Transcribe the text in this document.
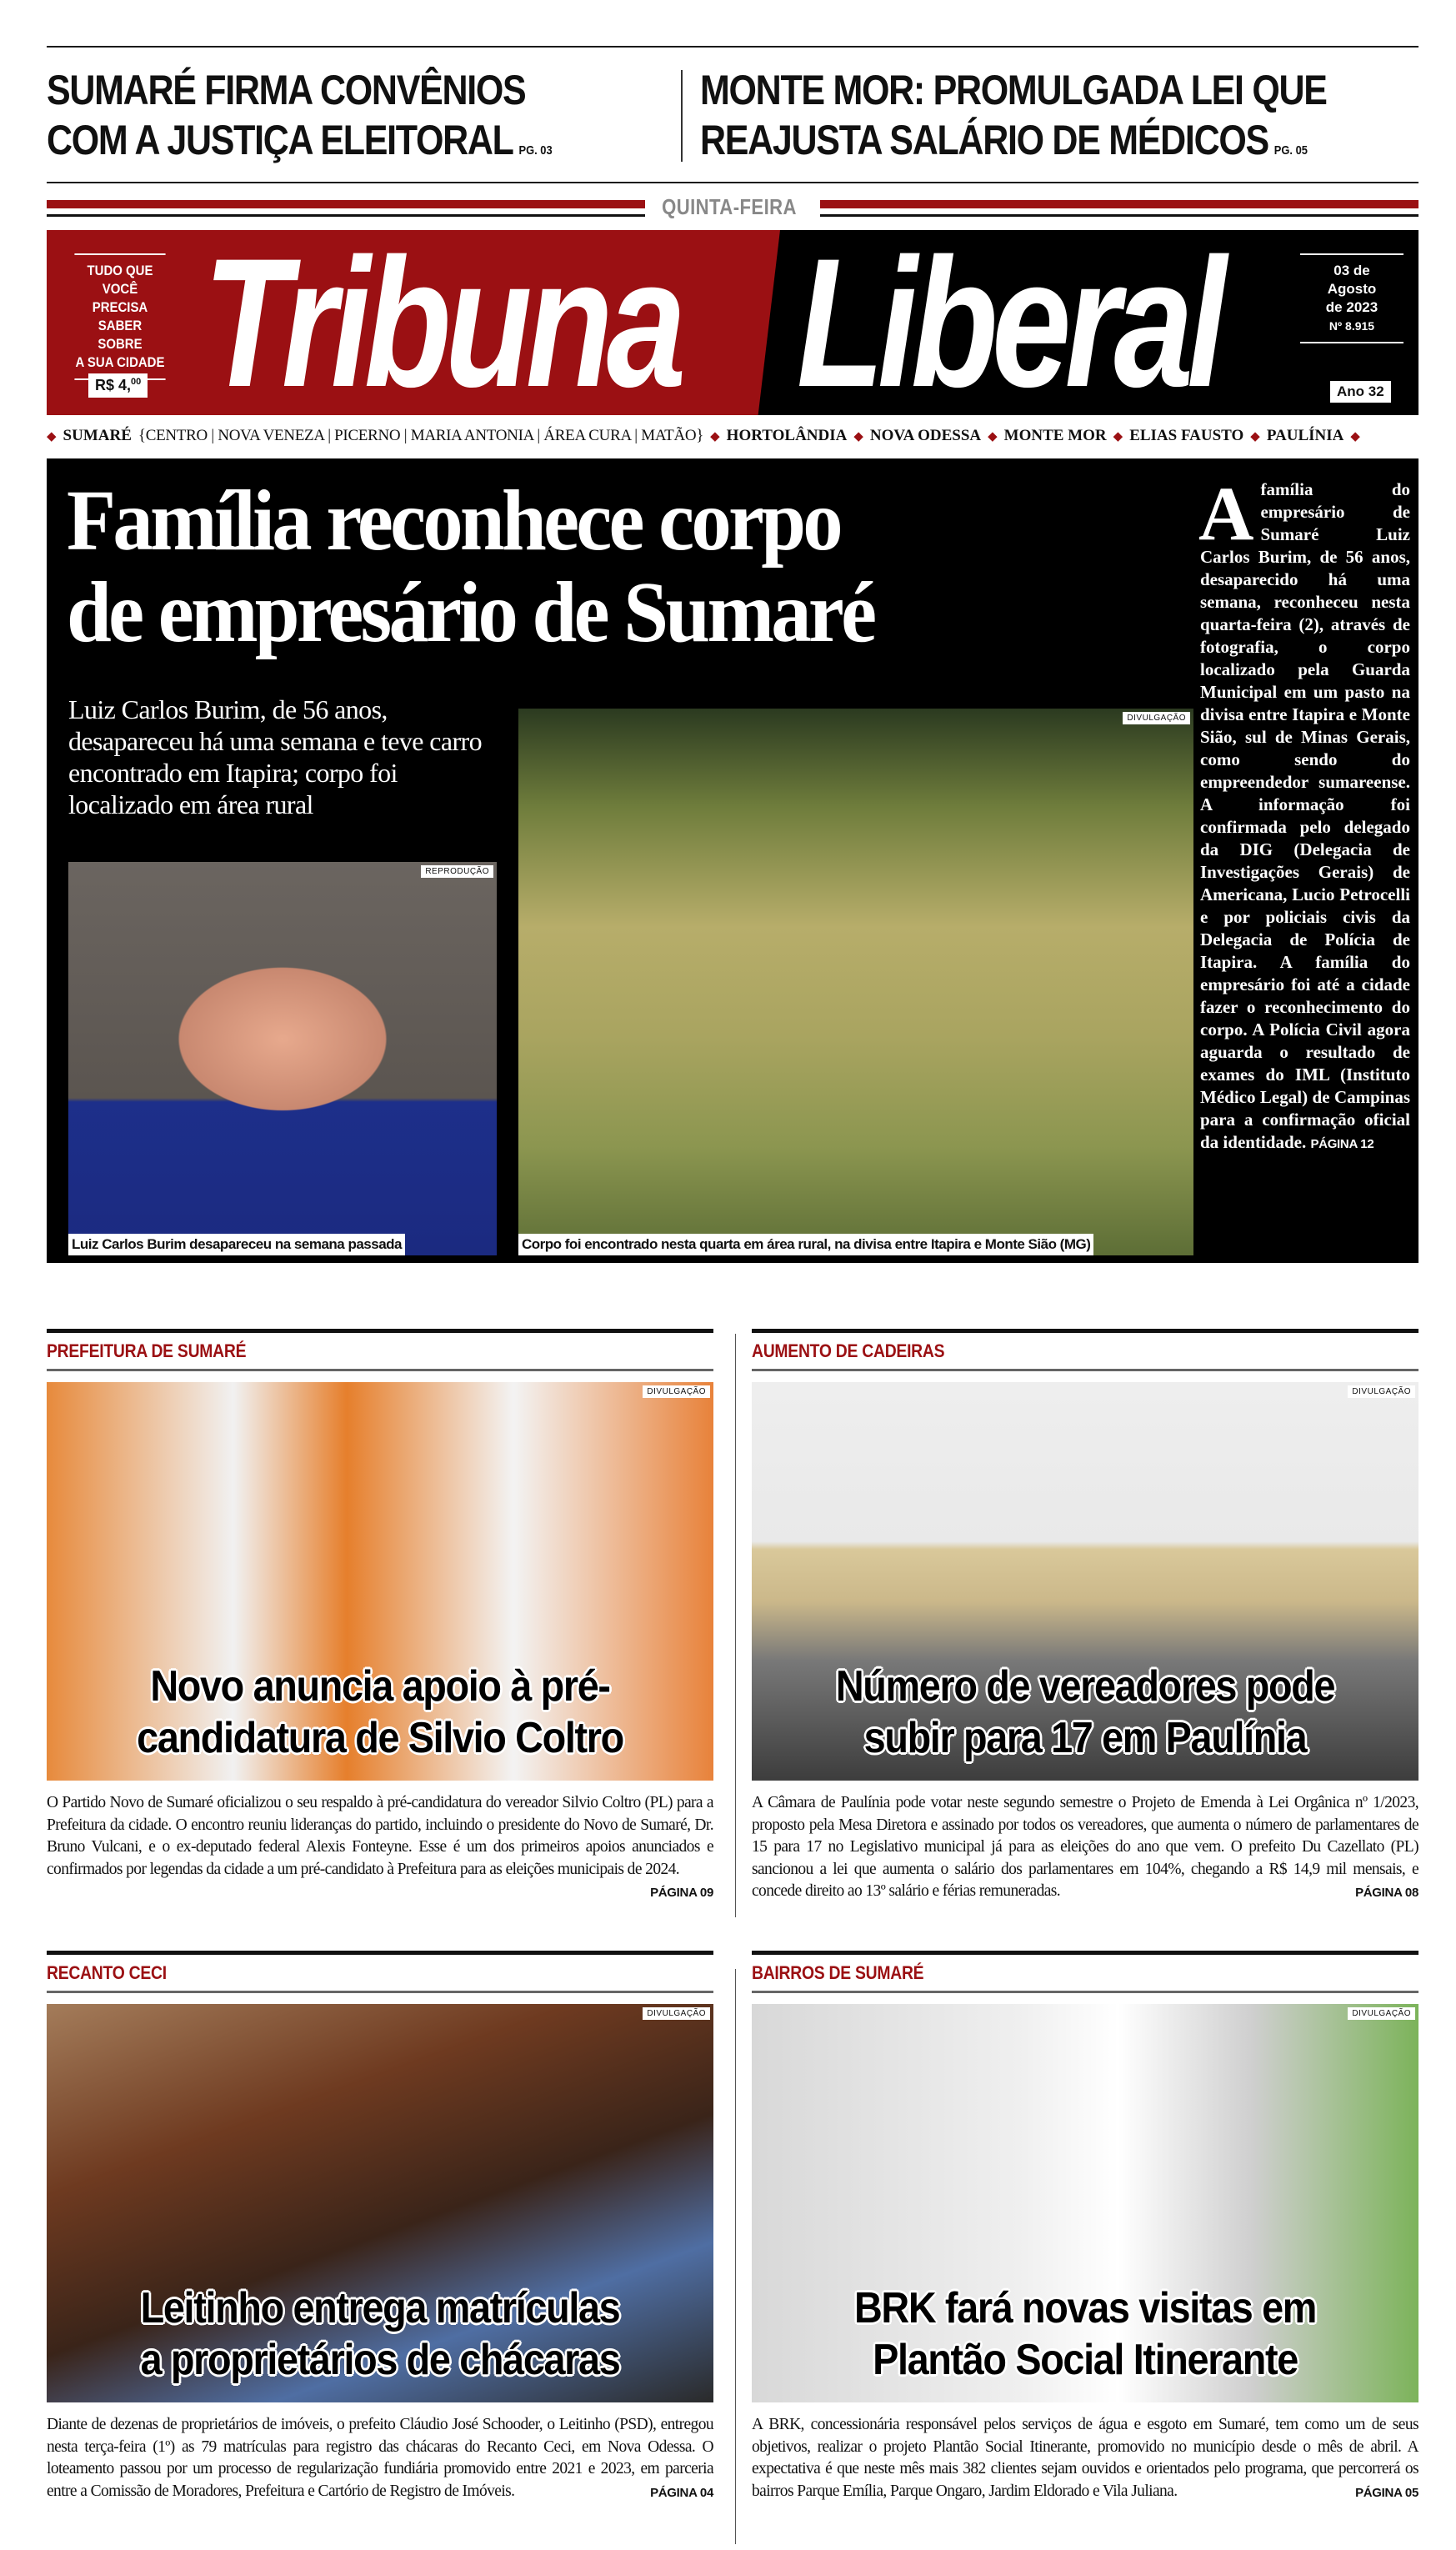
SUMARÉ FIRMA CONVÊNIOS
COM A JUSTIÇA ELEITORAL PG. 03
MONTE MOR: PROMULGADA LEI QUE
REAJUSTA SALÁRIO DE MÉDICOS PG. 05
QUINTA-FEIRA
TUDO QUE
VOCÊ PRECISA
SABER SOBRE
A SUA CIDADE
R$ 4,00 Tribuna Liberal	03 de
Agosto
de 2023
Nº 8.915
Ano 32
◆ SUMARÉ {CENTRO | NOVA VENEZA | PICERNO | MARIA ANTONIA | ÁREA CURA | MATÃO} ◆ HORTOLÂNDIA ◆ NOVA ODESSA ◆ MONTE MOR ◆ ELIAS FAUSTO ◆ PAULÍNIA ◆
Família reconhece corpo
de empresário de Sumaré
Luiz Carlos Burim, de 56 anos, desapareceu há uma semana e teve carro encontrado em Itapira; corpo foi localizado em área rural
REPRODUÇÃO
Luiz Carlos Burim desapareceu na semana passada
DIVULGAÇÃO
Corpo foi encontrado nesta quarta em área rural, na divisa entre Itapira e Monte Sião (MG)
A família do empresário de Sumaré Luiz Carlos Burim, de 56 anos, desaparecido há uma semana, reconheceu nesta quarta-feira (2), através de fotografia, o corpo localizado pela Guarda Municipal em um pasto na divisa entre Itapira e Monte Sião, sul de Minas Gerais, como sendo do empreendedor sumareense. A informação foi confirmada pelo delegado da DIG (Delegacia de Investigações Gerais) de Americana, Lucio Petrocelli e por policiais civis da Delegacia de Polícia de Itapira. A família do empresário foi até a cidade fazer o reconhecimento do corpo. A Polícia Civil agora aguarda o resultado de exames do IML (Instituto Médico Legal) de Campinas para a confirmação oficial da identidade. PÁGINA 12
PREFEITURA DE SUMARÉ
DIVULGAÇÃO
Novo anuncia apoio à pré-
candidatura de Silvio Coltro
O Partido Novo de Sumaré oficializou o seu respaldo à pré-candidatura do vereador Silvio Coltro (PL) para a Prefeitura da cidade. O encontro reuniu lideranças do partido, incluindo o presidente do Novo de Sumaré, Dr. Bruno Vulcani, e o ex-deputado federal Alexis Fonteyne. Esse é um dos primeiros apoios anunciados e confirmados por legendas da cidade a um pré-candidato à Prefeitura para as eleições municipais de 2024.
PÁGINA 09
AUMENTO DE CADEIRAS
DIVULGAÇÃO
Número de vereadores pode
subir para 17 em Paulínia
A Câmara de Paulínia pode votar neste segundo semestre o Projeto de Emenda à Lei Orgânica nº 1/2023, proposto pela Mesa Diretora e assinado por todos os vereadores, que aumenta o número de parlamentares de 15 para 17 no Legislativo municipal já para as eleições do ano que vem. O prefeito Du Cazellato (PL) sancionou a lei que aumenta o salário dos parlamentares em 104%, chegando a R$ 14,9 mil mensais, e concede direito ao 13º salário e férias remuneradas.	PÁGINA 08
RECANTO CECI
DIVULGAÇÃO
Leitinho entrega matrículas
a proprietários de chácaras
Diante de dezenas de proprietários de imóveis, o prefeito Cláudio José Schooder, o Leitinho (PSD), entregou nesta terça-feira (1º) as 79 matrículas para registro das chácaras do Recanto Ceci, em Nova Odessa. O loteamento passou por um processo de regularização fundiária promovido entre 2021 e 2023, em parceria entre a Comissão de Moradores, Prefeitura e Cartório de Registro de Imóveis.	PÁGINA 04
BAIRROS DE SUMARÉ
DIVULGAÇÃO
BRK fará novas visitas em
Plantão Social Itinerante
A BRK, concessionária responsável pelos serviços de água e esgoto em Sumaré, tem como um de seus objetivos, realizar o projeto Plantão Social Itinerante, promovido no município desde o mês de abril. A expectativa é que neste mês mais 382 clientes sejam ouvidos e orientados pelo programa, que percorrerá os bairros Parque Emília, Parque Ongaro, Jardim Eldorado e Vila Juliana.	PÁGINA 05
